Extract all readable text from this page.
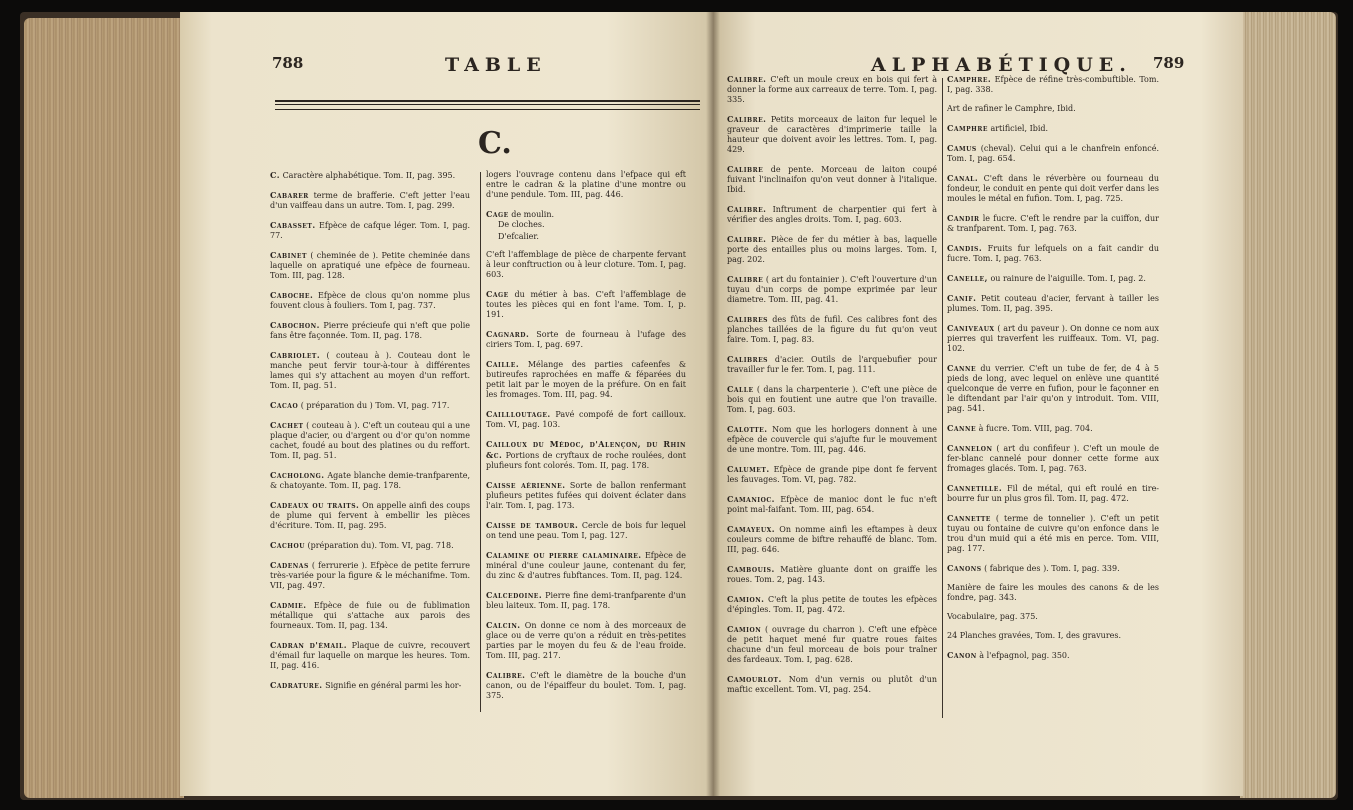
788	TABLE
C.
C. Caractère alphabétique. Tom. II, pag. 395.
Cabarer terme de brafferie. C'eft jetter l'eau d'un vaiffeau dans un autre. Tom. I, pag. 299.
Cabasset. Efpèce de cafque léger. Tom. I, pag. 77.
Cabinet ( cheminée de ). Petite cheminée dans laquelle on apratiqué une efpèce de fourneau. Tom. III, pag. 128.
Caboche. Efpèce de clous qu'on nomme plus fouvent clous à fouliers. Tom I, pag. 737.
Cabochon. Pierre précieufe qui n'eft que polie fans être façonnée. Tom. II, pag. 178.
Cabriolet. ( couteau à ). Couteau dont le manche peut fervir tour-à-tour à différentes lames qui s'y attachent au moyen d'un reffort. Tom. II, pag. 51.
Cacao ( préparation du ) Tom. VI, pag. 717.
Cachet ( couteau à ). C'eft un couteau qui a une plaque d'acier, ou d'argent ou d'or qu'on nomme cachet, foudé au bout des platines ou du reffort. Tom. II, pag. 51.
Cacholong. Agate blanche demie-tranfparente, & chatoyante. Tom. II, pag. 178.
Cadeaux ou traits. On appelle ainfi des coups de plume qui fervent à embellir les pièces d'écriture. Tom. II, pag. 295.
Cachou (préparation du). Tom. VI, pag. 718.
Cadenas ( ferrurerie ). Efpèce de petite ferrure très-variée pour la figure & le méchanifme. Tom. VII, pag. 497.
Cadmie. Efpèce de fuie ou de fublimation métallique qui s'attache aux parois des fourneaux. Tom. II, pag. 134.
Cadran d'émail. Plaque de cuivre, recouvert d'émail fur laquelle on marque les heures. Tom. II, pag. 416.
Cadrature. Signifie en général parmi les hor-
logers l'ouvrage contenu dans l'efpace qui eft entre le cadran & la platine d'une montre ou d'une pendule. Tom. III, pag. 446.
Cage de moulin.
De cloches.
D'efcalier.
C'eft l'affemblage de pièce de charpente fervant à leur conftruction ou à leur cloture. Tom. I, pag. 603.
Cage du métier à bas. C'eft l'affemblage de toutes les pièces qui en font l'ame. Tom. I, p. 191.
Cagnard. Sorte de fourneau à l'ufage des ciriers Tom. I, pag. 697.
Caille. Mélange des parties cafeenfes & butireufes raprochées en maffe & féparées du petit lait par le moyen de la préfure. On en fait les fromages. Tom. III, pag. 94.
Caillloutage. Pavé compofé de fort cailloux. Tom. VI, pag. 103.
Cailloux du Médoc, d'Alençon, du Rhin &c. Portions de cryftaux de roche roulées, dont plufieurs font colorés. Tom. II, pag. 178.
Caisse aérienne. Sorte de ballon renfermant plufieurs petites fufées qui doivent éclater dans l'air. Tom. I, pag. 173.
Caisse de tambour. Cercle de bois fur lequel on tend une peau. Tom I, pag. 127.
Calamine ou pierre calaminaire. Efpèce de minéral d'une couleur jaune, contenant du fer, du zinc & d'autres fubftances. Tom. II, pag. 124.
Calcedoine. Pierre fine demi-tranfparente d'un bleu laiteux. Tom. II, pag. 178.
Calcin. On donne ce nom à des morceaux de glace ou de verre qu'on a réduit en très-petites parties par le moyen du feu & de l'eau froide. Tom. III, pag. 217.
Calibre. C'eft le diamètre de la bouche d'un canon, ou de l'épaiffeur du boulet. Tom. I, pag. 375.
ALPHABÉTIQUE. 789
Calibre. C'eft un moule creux en bois qui fert à donner la forme aux carreaux de terre. Tom. I, pag. 335.
Calibre. Petits morceaux de laiton fur lequel le graveur de caractères d'imprimerie taille la hauteur que doivent avoir les lettres. Tom. I, pag. 429.
Calibre de pente. Morceau de laiton coupé fuivant l'inclinaifon qu'on veut donner à l'italique. Ibid.
Calibre. Inftrument de charpentier qui fert à vérifier des angles droits. Tom. I, pag. 603.
Calibre. Pièce de fer du métier à bas, laquelle porte des entailles plus ou moins larges. Tom. I, pag. 202.
Calibre ( art du fontainier ). C'eft l'ouverture d'un tuyau d'un corps de pompe exprimée par leur diametre. Tom. III, pag. 41.
Calibres des fûts de fufil. Ces calibres font des planches taillées de la figure du fut qu'on veut faire. Tom. I, pag. 83.
Calibres d'acier. Outils de l'arquebufier pour travailler fur le fer. Tom. I, pag. 111.
Calle ( dans la charpenterie ). C'eft une pièce de bois qui en foutient une autre que l'on travaille. Tom. I, pag. 603.
Calotte. Nom que les horlogers donnent à une efpèce de couvercle qui s'ajufte fur le mouvement de une montre. Tom. III, pag. 446.
Calumet. Efpèce de grande pipe dont fe fervent les fauvages. Tom. VI, pag. 782.
Camanioc. Efpèce de manioc dont le fuc n'eft point mal-faifant. Tom. III, pag. 654.
Camayeux. On nomme ainfi les eftampes à deux couleurs comme de biftre rehauffé de blanc. Tom. III, pag. 646.
Cambouis. Matière gluante dont on graiffe les roues. Tom. 2, pag. 143.
Camion. C'eft la plus petite de toutes les efpèces d'épingles. Tom. II, pag. 472.
Camion ( ouvrage du charron ). C'eft une efpèce de petit haquet mené fur quatre roues faites chacune d'un feul morceau de bois pour traîner des fardeaux. Tom. I, pag. 628.
Camourlot. Nom d'un vernis ou plutôt d'un maftic excellent. Tom. VI, pag. 254.
Camphre. Efpèce de réfine très-combuftible. Tom. I, pag. 338.
Art de rafiner le Camphre, Ibid.
Camphre artificiel, Ibid.
Camus (cheval). Celui qui a le chanfrein enfoncé. Tom. I, pag. 654.
Canal. C'eft dans le réverbère ou fourneau du fondeur, le conduit en pente qui doit verfer dans les moules le métal en fufion. Tom. I, pag. 725.
Candir le fucre. C'eft le rendre par la cuiffon, dur & tranfparent. Tom. I, pag. 763.
Candis. Fruits fur lefquels on a fait candir du fucre. Tom. I, pag. 763.
Canelle, ou rainure de l'aiguille. Tom. I, pag. 2.
Canif. Petit couteau d'acier, fervant à tailler les plumes. Tom. II, pag. 395.
Caniveaux ( art du paveur ). On donne ce nom aux pierres qui traverfent les ruiffeaux. Tom. VI, pag. 102.
Canne du verrier. C'eft un tube de fer, de 4 à 5 pieds de long, avec lequel on enlève une quantité quelconque de verre en fufion, pour le façonner en le diftendant par l'air qu'on y introduit. Tom. VIII, pag. 541.
Canne à fucre. Tom. VIII, pag. 704.
Cannelon ( art du confifeur ). C'eft un moule de fer-blanc cannelé pour donner cette forme aux fromages glacés. Tom. I, pag. 763.
Cannetille. Fil de métal, qui eft roulé en tire-bourre fur un plus gros fil. Tom. II, pag. 472.
Cannette ( terme de tonnelier ). C'eft un petit tuyau ou fontaine de cuivre qu'on enfonce dans le trou d'un muid qui a été mis en perce. Tom. VIII, pag. 177.
Canons ( fabrique des ). Tom. I, pag. 339.
Manière de faire les moules des canons & de les fondre, pag. 343.
Vocabulaire, pag. 375.
24 Planches gravées, Tom. I, des gravures.
Canon à l'efpagnol, pag. 350.
